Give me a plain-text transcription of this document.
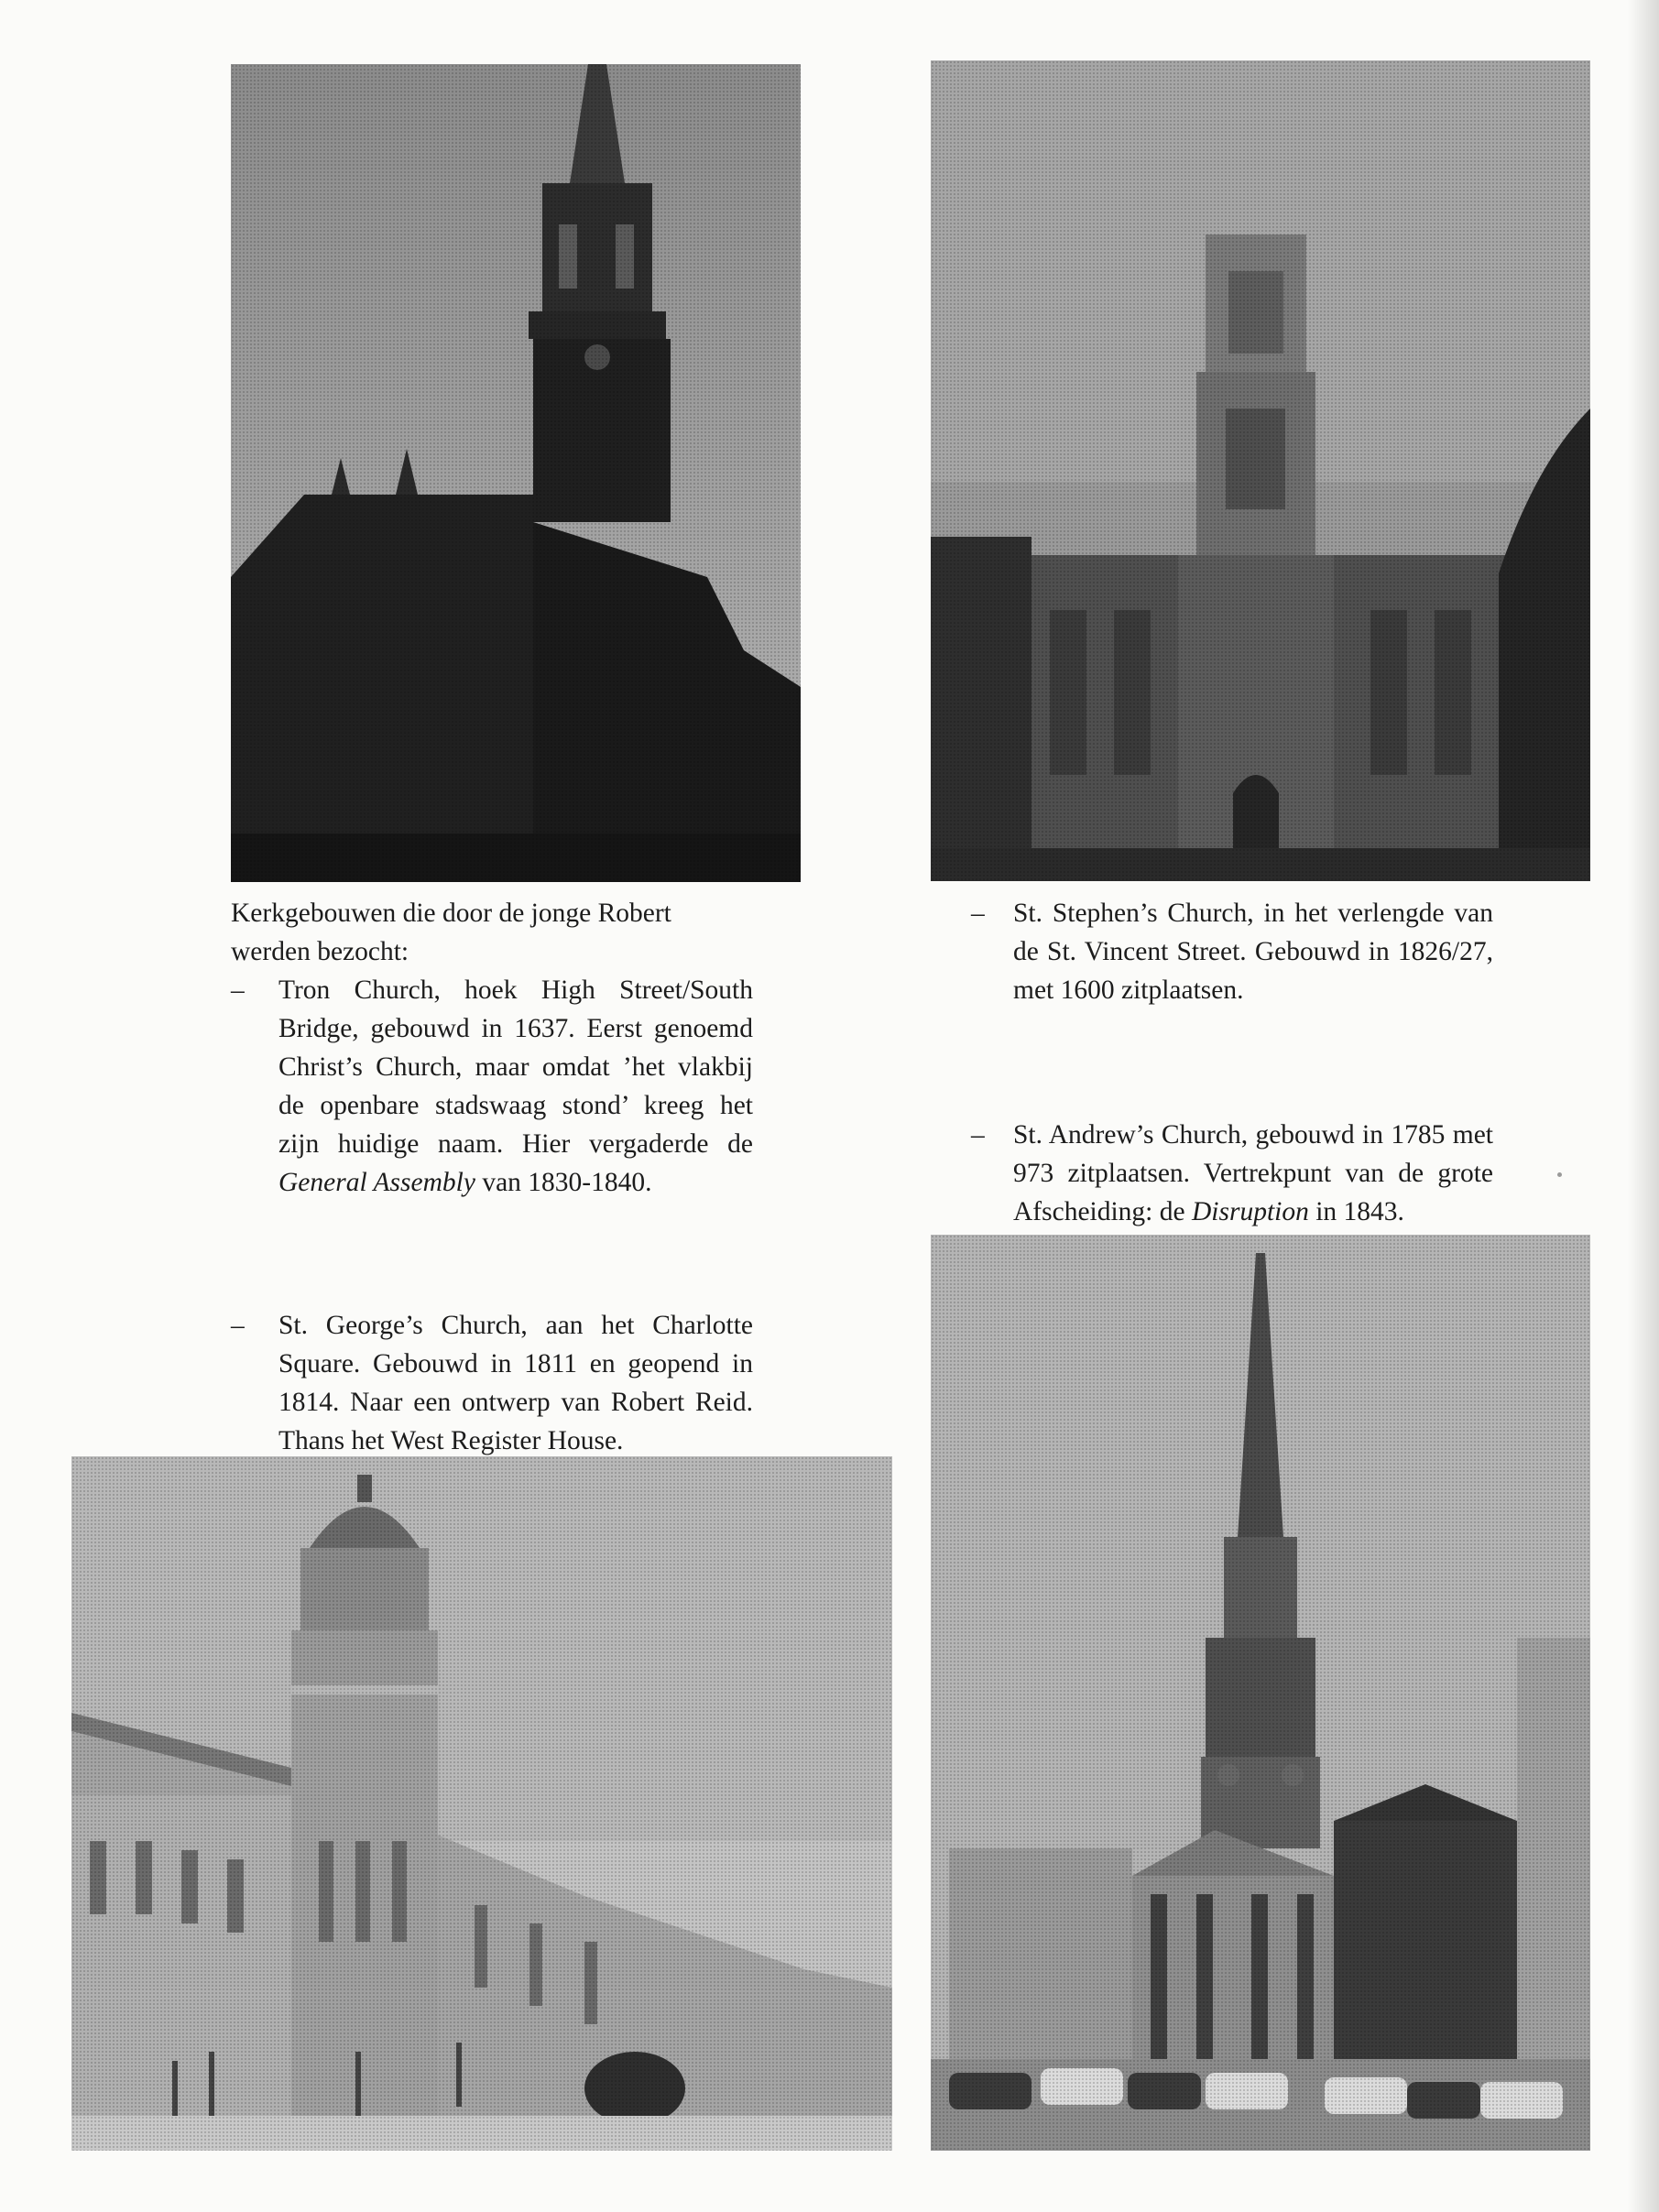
Kerkgebouwen die door de jonge Robert

werden bezocht:

– Tron Church, hoek High Street/South Bridge, gebouwd in 1637. Eerst genoemd Christ’s Church, maar omdat ’het vlakbij de openbare stadswaag stond’ kreeg het zijn huidige naam. Hier vergaderde de General Assembly van 1830-1840.

– St. George’s Church, aan het Charlotte Square. Gebouwd in 1811 en geopend in 1814. Naar een ontwerp van Robert Reid. Thans het West Register House.

– St. Stephen’s Church, in het verlengde van de St. Vincent Street. Gebouwd in 1826/27, met 1600 zitplaatsen.

– St. Andrew’s Church, gebouwd in 1785 met 973 zitplaatsen. Vertrekpunt van de grote Afscheiding: de Disruption in 1843.
